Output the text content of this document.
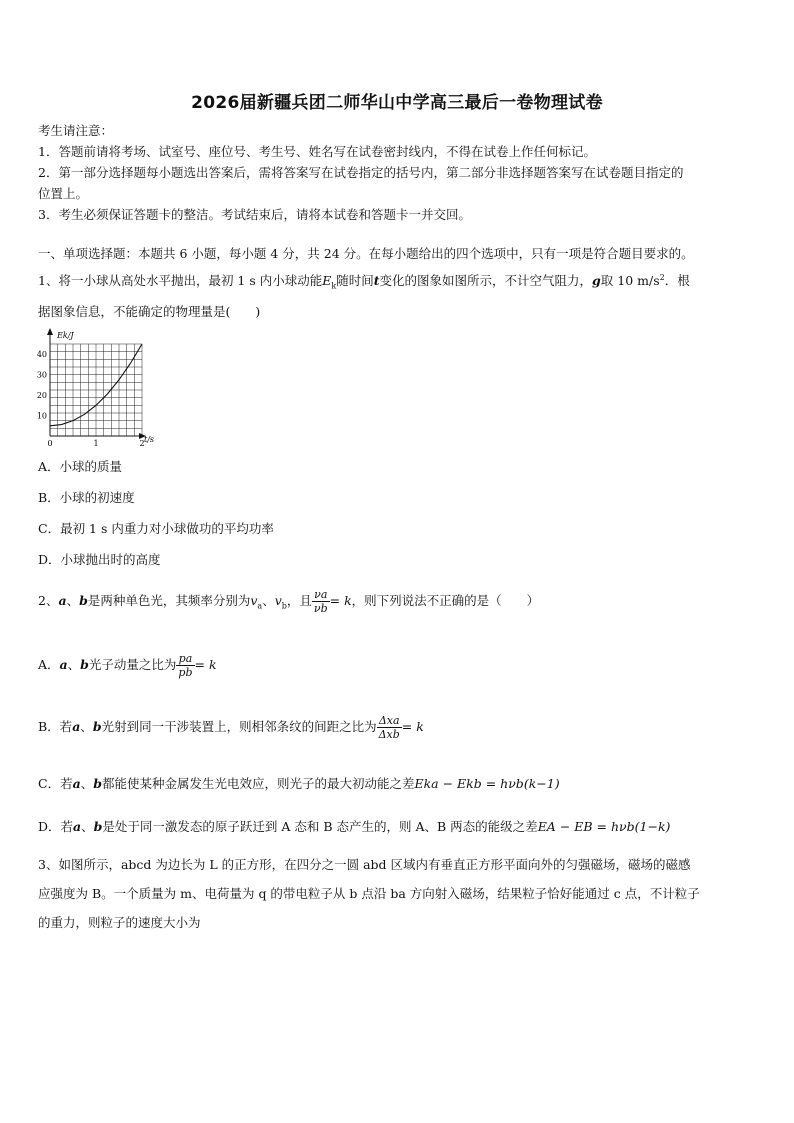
2026届新疆兵团二师华山中学高三最后一卷物理试卷
考生请注意：
1．答题前请将考场、试室号、座位号、考生号、姓名写在试卷密封线内，不得在试卷上作任何标记。
2．第一部分选择题每小题选出答案后，需将答案写在试卷指定的括号内，第二部分非选择题答案写在试卷题目指定的
位置上。
3．考生必须保证答题卡的整洁。考试结束后，请将本试卷和答题卡一并交回。
一、单项选择题：本题共 6 小题，每小题 4 分，共 24 分。在每小题给出的四个选项中，只有一项是符合题目要求的。
1、将一小球从高处水平抛出，最初 1 s 内小球动能$E_k$随时间t变化的图象如图所示，不计空气阻力，g取 10 $m/s^2$．根
据图象信息，不能确定的物理量是(　　)
Ek/J
t/s
10
20
30
40
0	1	2
A．小球的质量
B．小球的初速度
C．最初 1 s 内重力对小球做功的平均功率
D．小球抛出时的高度
2、a、b是两种单色光，其频率分别为$v_a$、$v_b$，且 $\frac{\nu a}{\nu b} = k$，则下列说法不正确的是（　　）
A．a、b光子动量之比为 $\frac{pa}{pb} = k$
B．若a、b光射到同一干涉装置上，则相邻条纹的间距之比为 $\frac{\text{Δxa}}{\text{Δxb}} = k$
C．若a、b都能使某种金属发生光电效应，则光子的最大初动能之差Eka − Ekb = hνb(k−1)
D．若a、b是处于同一激发态的原子跃迁到 A 态和 B 态产生的，则 A、B 两态的能级之差EA − EB = hνb(1−k)
3、如图所示，abcd 为边长为 L 的正方形，在四分之一圆 abd 区域内有垂直正方形平面向外的匀强磁场，磁场的磁感
应强度为 B。一个质量为 m、电荷量为 q 的带电粒子从 b 点沿 ba 方向射入磁场，结果粒子恰好能通过 c 点，不计粒子
的重力，则粒子的速度大小为
